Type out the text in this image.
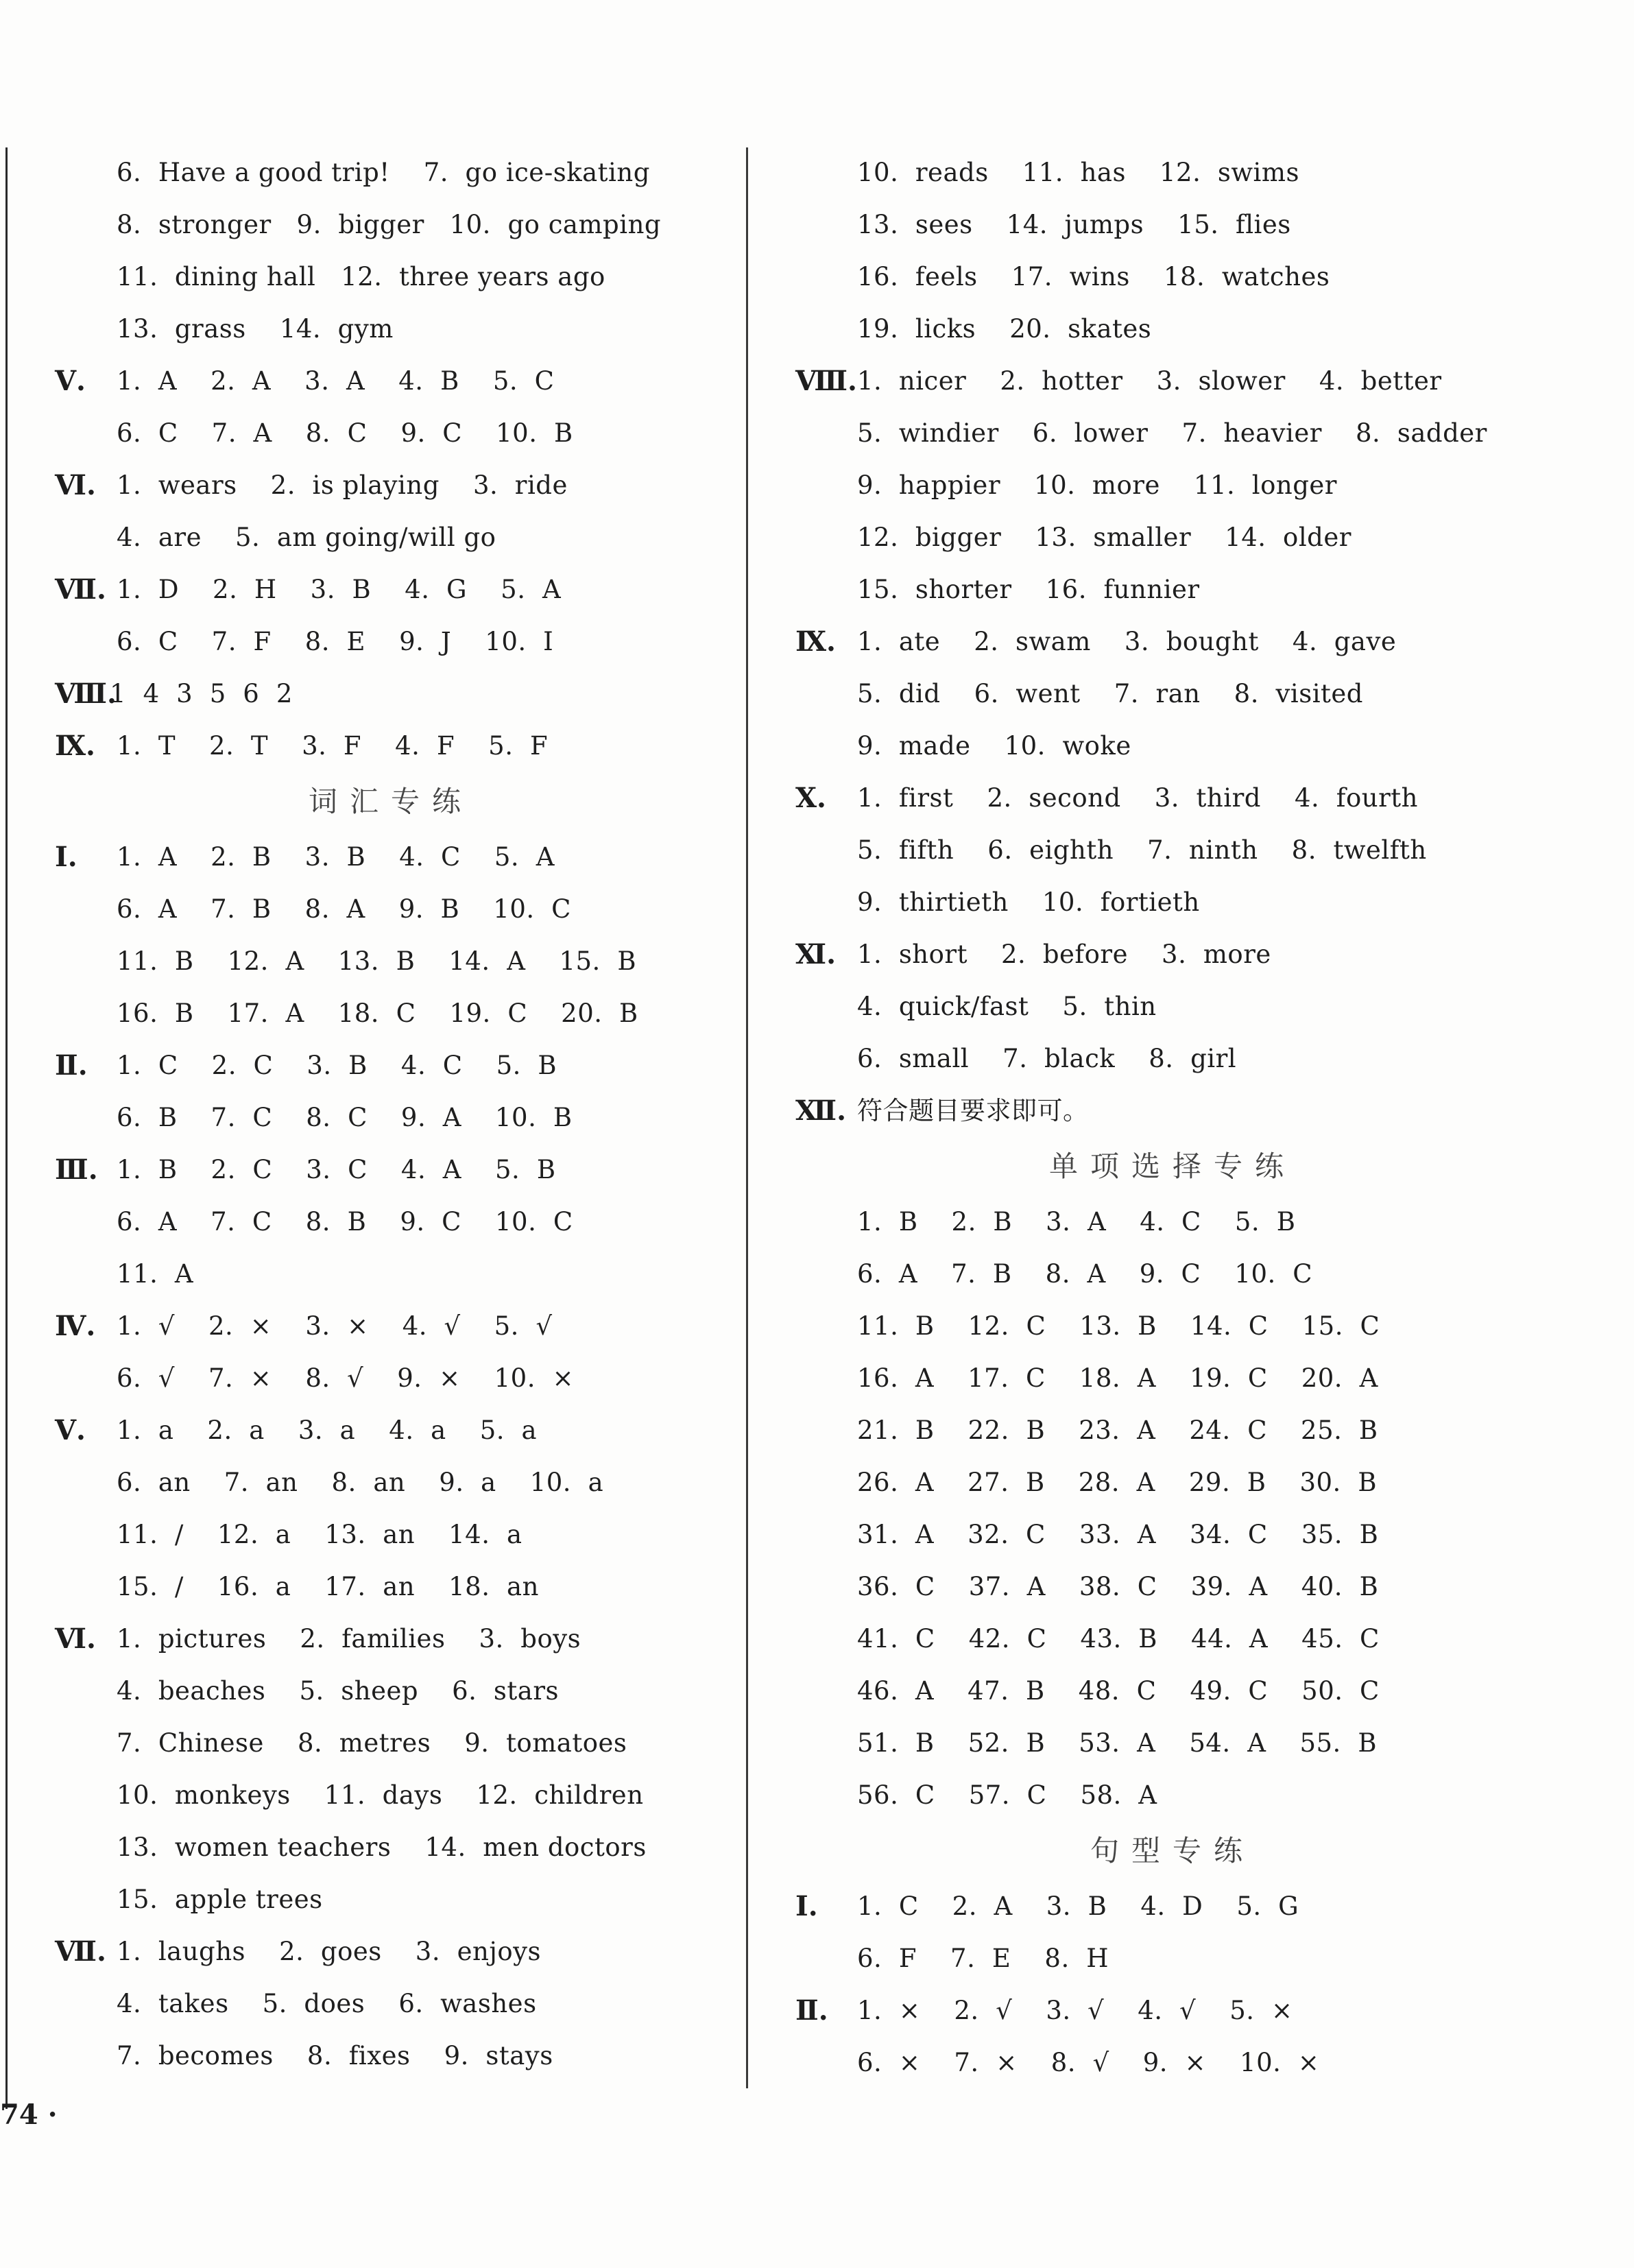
6.  Have a good trip!    7.  go ice-skating
8.  stronger   9.  bigger   10.  go camping
11.  dining hall   12.  three years ago
13.  grass    14.  gym
Ⅴ. 1.  A    2.  A    3.  A    4.  B    5.  C
6.  C    7.  A    8.  C    9.  C    10.  B
Ⅵ. 1.  wears    2.  is playing    3.  ride
4.  are    5.  am going/will go
Ⅶ. 1.  D    2.  H    3.  B    4.  G    5.  A
6.  C    7.  F    8.  E    9.  J    10.  I
Ⅷ.
1  4  3  5  6  2
Ⅸ. 1.  T    2.  T    3.  F    4.  F    5.  F
词汇专练
Ⅰ. 1.  A    2.  B    3.  B    4.  C    5.  A
6.  A    7.  B    8.  A    9.  B    10.  C
11.  B    12.  A    13.  B    14.  A    15.  B
16.  B    17.  A    18.  C    19.  C    20.  B
Ⅱ. 1.  C    2.  C    3.  B    4.  C    5.  B
6.  B    7.  C    8.  C    9.  A    10.  B
Ⅲ. 1.  B    2.  C    3.  C    4.  A    5.  B
6.  A    7.  C    8.  B    9.  C    10.  C
11.  A
Ⅳ. 1.  √    2.  ×    3.  ×    4.  √    5.  √
6.  √    7.  ×    8.  √    9.  ×    10.  ×
Ⅴ. 1.  a    2.  a    3.  a    4.  a    5.  a
6.  an    7.  an    8.  an    9.  a    10.  a
11.  /    12.  a    13.  an    14.  a
15.  /    16.  a    17.  an    18.  an
Ⅵ. 1.  pictures    2.  families    3.  boys
4.  beaches    5.  sheep    6.  stars
7.  Chinese    8.  metres    9.  tomatoes
10.  monkeys    11.  days    12.  children
13.  women teachers    14.  men doctors
15.  apple trees
Ⅶ. 1.  laughs    2.  goes    3.  enjoys
4.  takes    5.  does    6.  washes
7.  becomes    8.  fixes    9.  stays
10.  reads    11.  has    12.  swims
13.  sees    14.  jumps    15.  flies
16.  feels    17.  wins    18.  watches
19.  licks    20.  skates
Ⅷ. 1.  nicer    2.  hotter    3.  slower    4.  better
5.  windier    6.  lower    7.  heavier    8.  sadder
9.  happier    10.  more    11.  longer
12.  bigger    13.  smaller    14.  older
15.  shorter    16.  funnier
Ⅸ. 1.  ate    2.  swam    3.  bought    4.  gave
5.  did    6.  went    7.  ran    8.  visited
9.  made    10.  woke
Ⅹ. 1.  first    2.  second    3.  third    4.  fourth
5.  fifth    6.  eighth    7.  ninth    8.  twelfth
9.  thirtieth    10.  fortieth
Ⅺ. 1.  short    2.  before    3.  more
4.  quick/fast    5.  thin
6.  small    7.  black    8.  girl
Ⅻ. 符合题目要求即可。
单项选择专练
1.  B    2.  B    3.  A    4.  C    5.  B
6.  A    7.  B    8.  A    9.  C    10.  C
11.  B    12.  C    13.  B    14.  C    15.  C
16.  A    17.  C    18.  A    19.  C    20.  A
21.  B    22.  B    23.  A    24.  C    25.  B
26.  A    27.  B    28.  A    29.  B    30.  B
31.  A    32.  C    33.  A    34.  C    35.  B
36.  C    37.  A    38.  C    39.  A    40.  B
41.  C    42.  C    43.  B    44.  A    45.  C
46.  A    47.  B    48.  C    49.  C    50.  C
51.  B    52.  B    53.  A    54.  A    55.  B
56.  C    57.  C    58.  A
句型专练
Ⅰ. 1.  C    2.  A    3.  B    4.  D    5.  G
6.  F    7.  E    8.  H
Ⅱ. 1.  ×    2.  √    3.  √    4.  √    5.  ×
6.  ×    7.  ×    8.  √    9.  ×    10.  ×
74 ·
